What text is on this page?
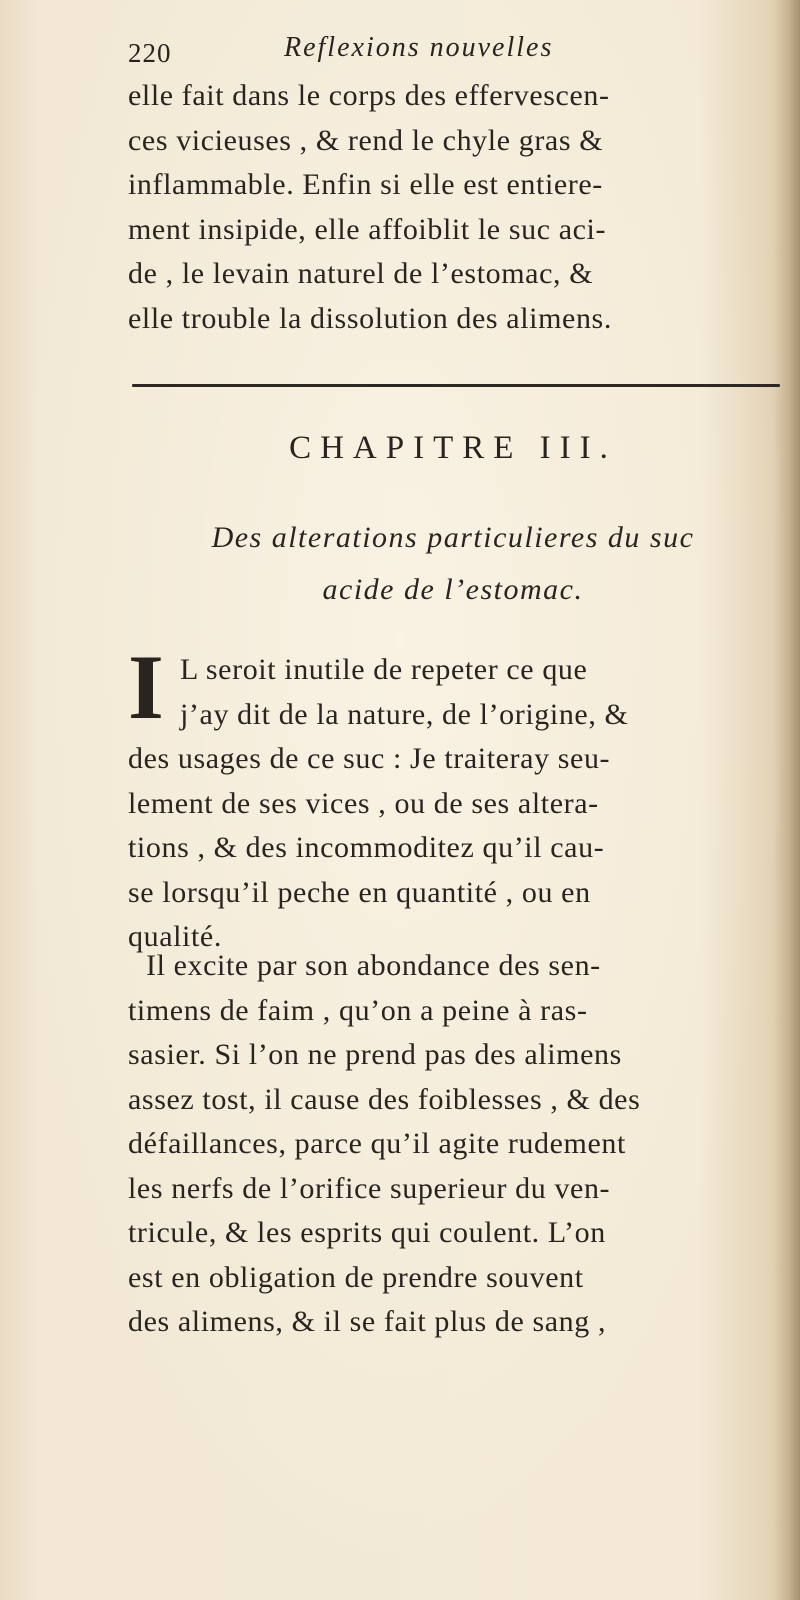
220	Reflexions nouvelles
elle fait dans le corps des effervescen-
ces vicieuses , & rend le chyle gras &
inflammable. Enfin si elle est entiere-
ment insipide, elle affoiblit le suc aci-
de , le levain naturel de l’estomac, &
elle trouble la dissolution des alimens.
CHAPITRE III.
Des alterations particulieres du suc
acide de l’estomac.
I L seroit inutile de repeter ce que
j’ay dit de la nature, de l’origine, &
des usages de ce suc : Je traiteray seu-
lement de ses vices , ou de ses altera-
tions , & des incommoditez qu’il cau-
se lorsqu’il peche en quantité , ou en
qualité.
Il excite par son abondance des sen-
timens de faim , qu’on a peine à ras-
sasier. Si l’on ne prend pas des alimens
assez tost, il cause des foiblesses , & des
défaillances, parce qu’il agite rudement
les nerfs de l’orifice superieur du ven-
tricule, & les esprits qui coulent. L’on
est en obligation de prendre souvent
des alimens, & il se fait plus de sang ,
